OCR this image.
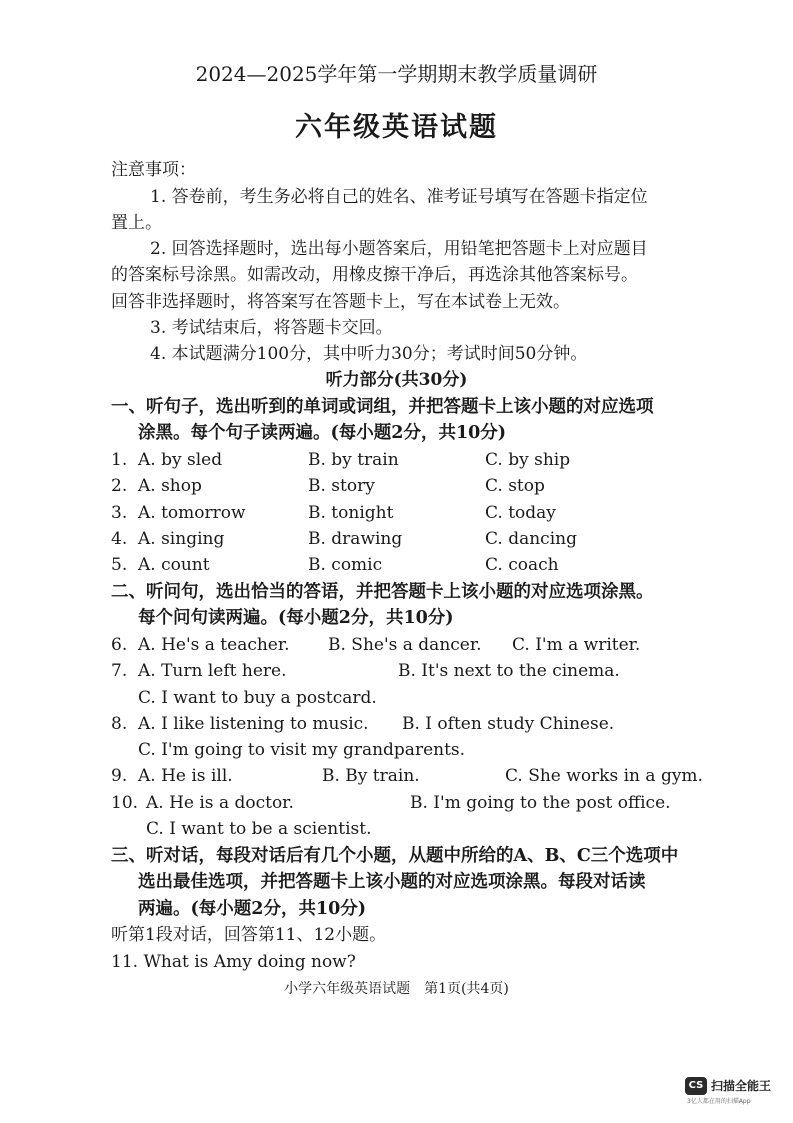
2024—2025学年第一学期期末教学质量调研
六年级英语试题
注意事项：
1. 答卷前，考生务必将自己的姓名、准考证号填写在答题卡指定位
置上。
2. 回答选择题时，选出每小题答案后，用铅笔把答题卡上对应题目
的答案标号涂黑。如需改动，用橡皮擦干净后，再选涂其他答案标号。
回答非选择题时，将答案写在答题卡上，写在本试卷上无效。
3. 考试结束后，将答题卡交回。
4. 本试题满分100分，其中听力30分；考试时间50分钟。
听力部分(共30分)
一、听句子，选出听到的单词或词组，并把答题卡上该小题的对应选项
涂黑。每个句子读两遍。(每小题2分，共10分)
1. A. by sled	B. by train	C. by ship
2. A. shop	B. story	C. stop
3. A. tomorrow	B. tonight	C. today
4. A. singing	B. drawing	C. dancing
5. A. count	B. comic	C. coach
二、听问句，选出恰当的答语，并把答题卡上该小题的对应选项涂黑。
每个问句读两遍。(每小题2分，共10分)
6. A. He's a teacher. B. She's a dancer. C. I'm a writer.
7. A. Turn left here.	B. It's next to the cinema.
C. I want to buy a postcard.
8. A. I like listening to music. B. I often study Chinese.
C. I'm going to visit my grandparents.
9. A. He is ill.	B. By train.	C. She works in a gym.
10. A. He is a doctor.	B. I'm going to the post office.
C. I want to be a scientist.
三、听对话，每段对话后有几个小题，从题中所给的A、B、C三个选项中
选出最佳选项，并把答题卡上该小题的对应选项涂黑。每段对话读
两遍。(每小题2分，共10分)
听第1段对话，回答第11、12小题。
11. What is Amy doing now?
小学六年级英语试题　第1页(共4页)
CS 扫描全能王
3亿人都在用的扫描App
